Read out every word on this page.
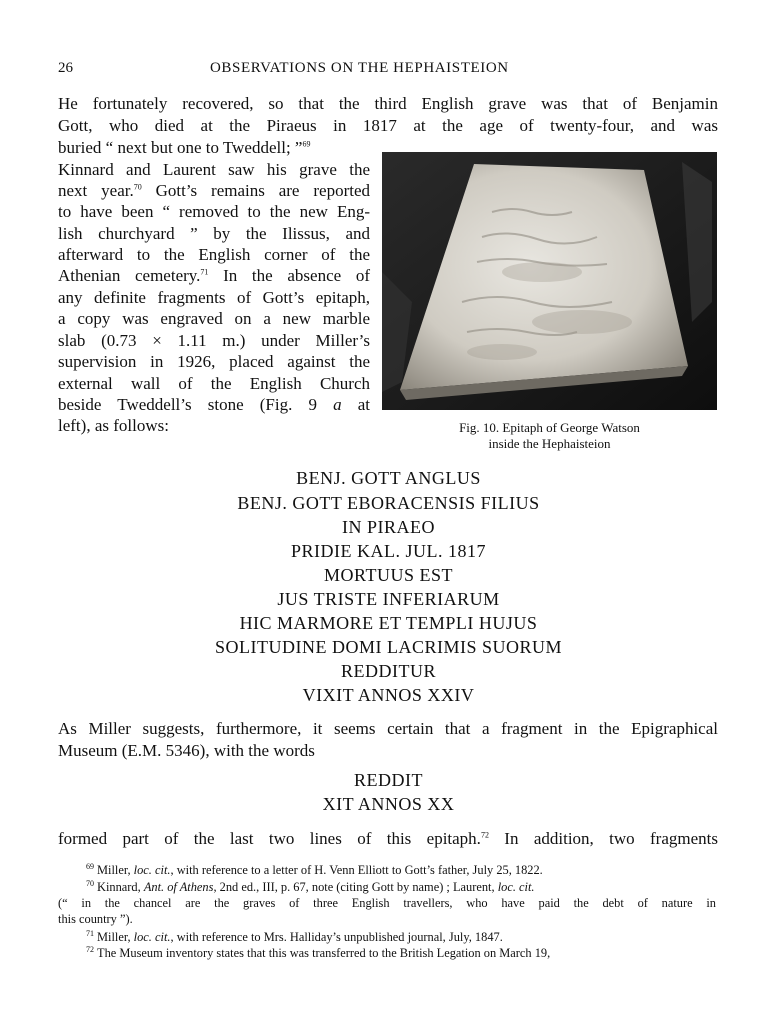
26	OBSERVATIONS ON THE HEPHAISTEION
He fortunately recovered, so that the third English grave was that of Benjamin
Gott, who died at the Piraeus in 1817 at the age of twenty-four, and was
buried “ next but one to Tweddell; ”$^{69}$
Kinnard and Laurent saw his grave the
next year.$^{70}$ Gott’s remains are reported
to have been “ removed to the new Eng-
lish churchyard ” by the Ilissus, and
afterward to the English corner of the
Athenian cemetery.$^{71}$ In the absence of
any definite fragments of Gott’s epitaph,
a copy was engraved on a new marble
slab (0.73 × 1.11 m.) under Miller’s
supervision in 1926, placed against the
external wall of the English Church
beside Tweddell’s stone (Fig. 9 a at
left), as follows:	Fig. 10. Epitaph of George Watson
inside the Hephaisteion
BENJ. GOTT ANGLUS
BENJ. GOTT EBORACENSIS FILIUS
IN PIRAEO
PRIDIE KAL. JUL. 1817
MORTUUS EST
JUS TRISTE INFERIARUM
HIC MARMORE ET TEMPLI HUJUS
SOLITUDINE DOMI LACRIMIS SUORUM
REDDITUR
VIXIT ANNOS XXIV
As Miller suggests, furthermore, it seems certain that a fragment in the Epigraphical
Museum (E.M. 5346), with the words
REDDIT
XIT ANNOS XX
formed part of the last two lines of this epitaph.$^{72}$ In addition, two fragments
$^{69}$ Miller, loc. cit., with reference to a letter of H. Venn Elliott to Gott’s father, July 25, 1822.
$^{70}$ Kinnard, Ant. of Athens, 2nd ed., III, p. 67, note (citing Gott by name) ; Laurent, loc. cit.
(“ in the chancel are the graves of three English travellers, who have paid the debt of nature in
this country ”).
$^{71}$ Miller, loc. cit., with reference to Mrs. Halliday’s unpublished journal, July, 1847.
$^{72}$ The Museum inventory states that this was transferred to the British Legation on March 19,
